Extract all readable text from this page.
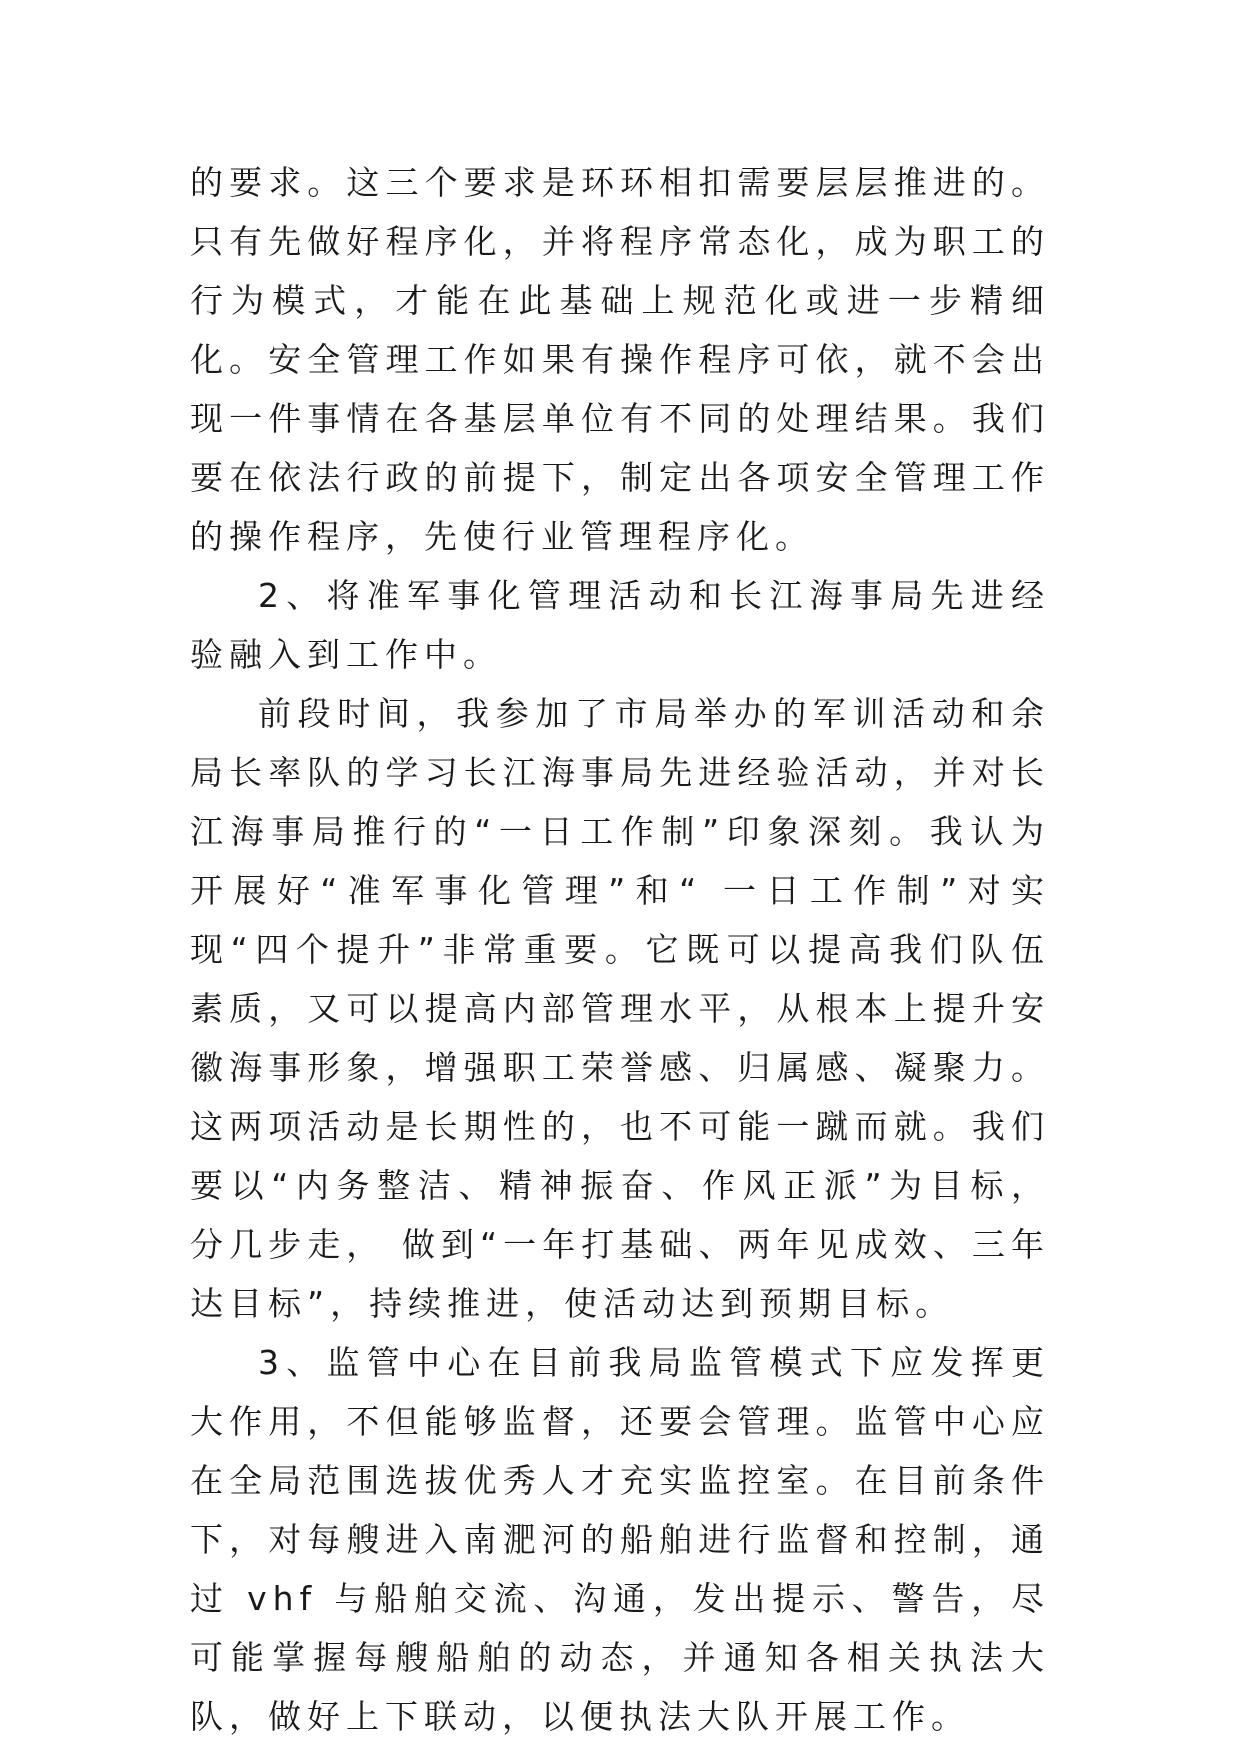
的要求。这三个要求是环环相扣需要层层推进的。只有先做好程序化，并将程序常态化，成为职工的行为模式，才能在此基础上规范化或进一步精细化。安全管理工作如果有操作程序可依，就不会出现一件事情在各基层单位有不同的处理结果。我们要在依法行政的前提下，制定出各项安全管理工作的操作程序，先使行业管理程序化。

2、将准军事化管理活动和长江海事局先进经验融入到工作中。

前段时间，我参加了市局举办的军训活动和余局长率队的学习长江海事局先进经验活动，并对长江海事局推行的“一日工作制”印象深刻。我认为开展好“准军事化管理”和“ 一日工作制”对实现“四个提升”非常重要。它既可以提高我们队伍素质，又可以提高内部管理水平，从根本上提升安徽海事形象，增强职工荣誉感、归属感、凝聚力。这两项活动是长期性的，也不可能一蹴而就。我们要以“内务整洁、精神振奋、作风正派”为目标，分几步走， 做到“一年打基础、两年见成效、三年达目标”，持续推进，使活动达到预期目标。

3、监管中心在目前我局监管模式下应发挥更大作用，不但能够监督，还要会管理。监管中心应在全局范围选拔优秀人才充实监控室。在目前条件下，对每艘进入南淝河的船舶进行监督和控制，通过 vhf 与船舶交流、沟通，发出提示、警告，尽可能掌握每艘船舶的动态，并通知各相关执法大队，做好上下联动，以便执法大队开展工作。
